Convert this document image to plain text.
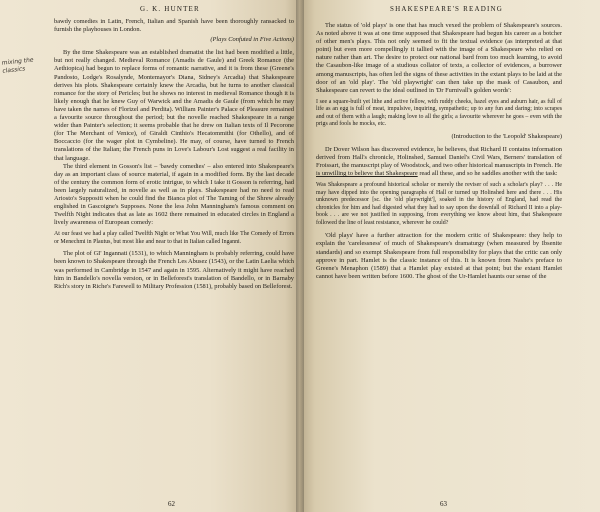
G. K. HUNTER
mixing the classics

bawdy comedies in Latin, French, Italian and Spanish have been thoroughly ransacked to furnish the playhouses in London.

(Plays Confuted in Five Actions)

By the time Shakespeare was an established dramatist the list had been modified a little, but not really changed. Medieval Romance (Amadis de Gaule) and Greek Romance (the Aethiopica) had begun to replace forms of romantic narrative, and it is from these (Greene's Pandosto, Lodge's Rosalynde, Montemayor's Diana, Sidney's Arcadia) that Shakespeare derives his plots. Shakespeare certainly knew the Arcadia, but he turns to another classical romance for the story of Pericles; but he shows no interest in medieval Romance though it is likely enough that he knew Guy of Warwick and the Amadis de Gaule (from which he may have taken the names of Florizel and Perdita). William Painter's Palace of Pleasure remained a favourite source throughout the period; but the novelle reached Shakespeare in a range wider than Painter's selection; it seems probable that he drew on Italian texts of Il Pecorone (for The Merchant of Venice), of Giraldi Cinthio's Hecatommithi (for Othello), and of Boccaccio (for the wager plot in Cymbeline). He may, of course, have turned to French translations of the Italian; the French puns in Love's Labour's Lost suggest a real facility in that language.

The third element in Gosson's list – 'bawdy comedies' – also entered into Shakespeare's day as an important class of source material, if again in a modified form. By the last decade of the century the common form of erotic intrigue, to which I take it Gosson is referring, had been largely naturalized, in novelle as well as in plays. Shakespeare had no need to read Ariosto's Suppositi when he could find the Bianca plot of The Taming of the Shrew already englished in Gascoigne's Supposes. None the less John Manningham's famous comment on Twelfth Night indicates that as late as 1602 there remained in educated circles in England a lively awareness of European comedy:

At our feast we had a play called Twelfth Night or What You Will, much like The Comedy of Errors or Menechmi in Plautus, but most like and near to that in Italian called Inganni.

The plot of GI' Ingannati (1531), to which Manningham is probably referring, could have been known to Shakespeare through the French Les Abusez (1543), or the Latin Laelia which was performed in Cambridge in 1547 and again in 1595. Alternatively it might have reached him in Bandello's novella version, or in Belleforest's translation of Bandello, or in Barnaby Rich's story in Riche's Farewell to Military Profession (1581), probably based on Belleforest.

62
SHAKESPEARE'S READING

The status of 'old plays' is one that has much vexed the problem of Shakespeare's sources. As noted above it was at one time supposed that Shakespeare had begun his career as a botcher of other men's plays. This not only seemed to fit the textual evidence (as interpreted at that point) but even more compellingly it tallied with the image of a Shakespeare who relied on nature rather than art. The desire to protect our national bard from too much learning, to avoid the Casaubon-like image of a studious collator of texts, a collector of evidences, a burrower among manuscripts, has often led the signs of these activities in the extant plays to be laid at the door of an 'old play'. The 'old playwright' can then take up the mask of Casaubon, and Shakespeare can revert to the ideal outlined in 'Dr Furnivall's golden words':

I see a square-built yet lithe and active fellow, with ruddy cheeks, hazel eyes and auburn hair, as full of life as an egg is full of meat, impulsive, inquiring, sympathetic; up to any fun and daring; into scrapes and out of them with a laugh; making love to all the girls; a favourite wherever he goes – even with the prigs and fools he mocks, etc.

(Introduction to the 'Leopold' Shakespeare)

Dr Dover Wilson has discovered evidence, he believes, that Richard II contains information derived from Hall's chronicle, Holinshed, Samuel Daniel's Civil Wars, Berners' translation of Froissart, the manuscript play of Woodstock, and two other historical manuscripts in French. He is unwilling to believe that Shakespeare read all these, and so he saddles another with the task:

Was Shakespeare a profound historical scholar or merely the reviser of such a scholar's play? . . . He may have dipped into the opening paragraphs of Hall or turned up Holinshed here and there . . . His unknown predecessor [sc. the 'old playwright'], soaked in the history of England, had read the chronicles for him and had digested what they had to say upon the downfall of Richard II into a play-book . . . are we not justified in supposing, from everything we know about him, that Shakespeare followed the line of least resistance, wherever he could?

'Old plays' have a further attraction for the modern critic of Shakespeare: they help to explain the 'carelessness' of much of Shakespeare's dramaturgy (when measured by Ibsenite standards) and so exempt Shakespeare from full responsibility for plays that the critic can only approve in part. Hamlet is the classic instance of this. It is known from Nashe's preface to Greene's Menaphon (1589) that a Hamlet play existed at that point; but the extant Hamlet cannot have been written before 1600. The ghost of the Ur-Hamlet haunts our sense of the

63
